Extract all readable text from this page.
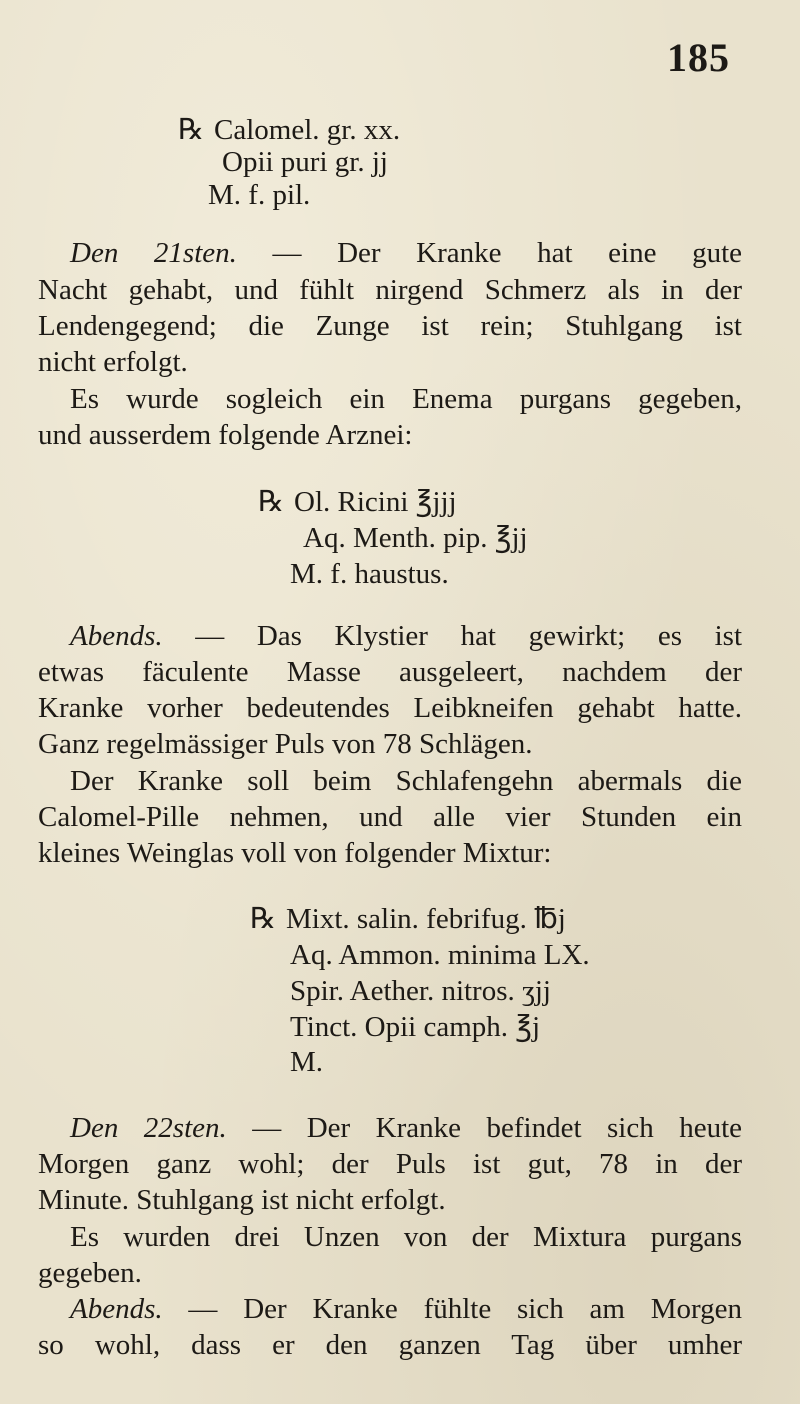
185
℞ Calomel. gr. xx.
Opii puri gr. jj
M. f. pil.
Den 21sten. — Der Kranke hat eine gute
Nacht gehabt, und fühlt nirgend Schmerz als in der
Lendengegend; die Zunge ist rein; Stuhlgang ist
nicht erfolgt.
Es wurde sogleich ein Enema purgans gegeben,
und ausserdem folgende Arznei:
℞ Ol. Ricini ℥jjj
Aq. Menth. pip. ℥jj
M. f. haustus.
Abends. — Das Klystier hat gewirkt; es ist
etwas fäculente Masse ausgeleert, nachdem der
Kranke vorher bedeutendes Leibkneifen gehabt hatte.
Ganz regelmässiger Puls von 78 Schlägen.
Der Kranke soll beim Schlafengehn abermals die
Calomel-Pille nehmen, und alle vier Stunden ein
kleines Weinglas voll von folgender Mixtur:
℞ Mixt. salin. febrifug. ℔j
Aq. Ammon. minima LX.
Spir. Aether. nitros. ʒjj
Tinct. Opii camph. ℥j
M.
Den 22sten. — Der Kranke befindet sich heute
Morgen ganz wohl; der Puls ist gut, 78 in der
Minute. Stuhlgang ist nicht erfolgt.
Es wurden drei Unzen von der Mixtura purgans
gegeben.
Abends. — Der Kranke fühlte sich am Morgen
so wohl, dass er den ganzen Tag über umher
